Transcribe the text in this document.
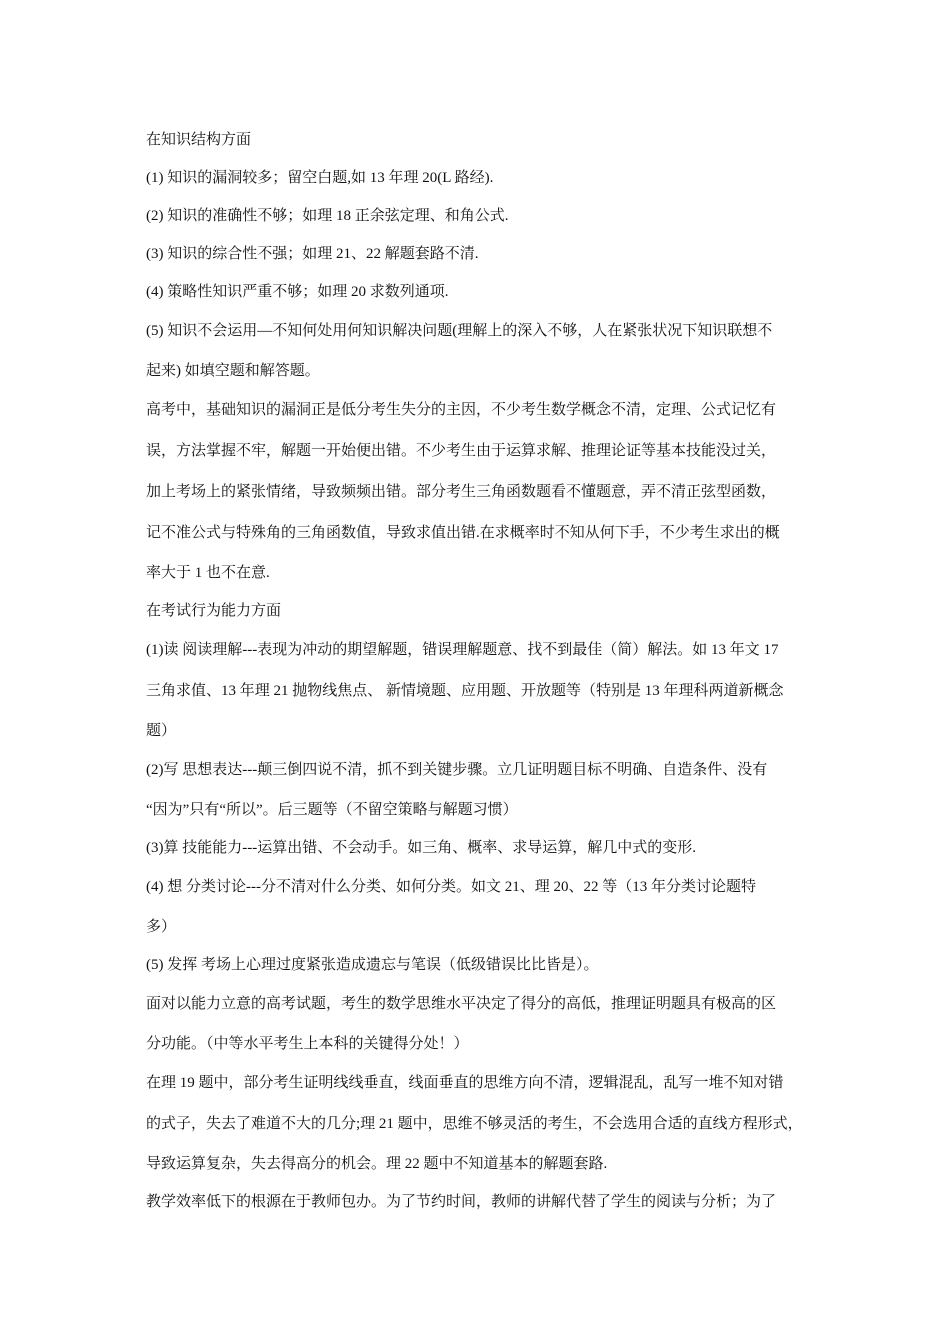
在知识结构方面
(1) 知识的漏洞较多；留空白题,如 13 年理 20(L 路经).
(2) 知识的准确性不够；如理 18 正余弦定理、和角公式.
(3) 知识的综合性不强；如理 21、22 解题套路不清.
(4) 策略性知识严重不够；如理 20 求数列通项.
(5) 知识不会运用—不知何处用何知识解决问题(理解上的深入不够，人在紧张状况下知识联想不
起来) 如填空题和解答题。
高考中，基础知识的漏洞正是低分考生失分的主因，不少考生数学概念不清，定理、公式记忆有
误，方法掌握不牢，解题一开始便出错。不少考生由于运算求解、推理论证等基本技能没过关，
加上考场上的紧张情绪，导致频频出错。部分考生三角函数题看不懂题意，弄不清正弦型函数，
记不准公式与特殊角的三角函数值，导致求值出错.在求概率时不知从何下手，不少考生求出的概
率大于 1 也不在意.
在考试行为能力方面
(1)读 阅读理解---表现为冲动的期望解题，错误理解题意、找不到最佳（简）解法。如 13 年文 17
三角求值、13 年理 21 抛物线焦点、 新情境题、应用题、开放题等（特别是 13 年理科两道新概念
题）
(2)写 思想表达---颠三倒四说不清，抓不到关键步骤。立几证明题目标不明确、自造条件、没有
“因为”只有“所以”。后三题等（不留空策略与解题习惯）
(3)算 技能能力---运算出错、不会动手。如三角、概率、求导运算，解几中式的变形.
(4) 想 分类讨论---分不清对什么分类、如何分类。如文 21、理 20、22 等（13 年分类讨论题特
多）
(5) 发挥 考场上心理过度紧张造成遗忘与笔误（低级错误比比皆是）。
面对以能力立意的高考试题，考生的数学思维水平决定了得分的高低，推理证明题具有极高的区
分功能。（中等水平考生上本科的关键得分处！）
在理 19 题中，部分考生证明线线垂直，线面垂直的思维方向不清，逻辑混乱，乱写一堆不知对错
的式子，失去了难道不大的几分;理 21 题中，思维不够灵活的考生，不会选用合适的直线方程形式，
导致运算复杂，失去得高分的机会。理 22 题中不知道基本的解题套路.
教学效率低下的根源在于教师包办。为了节约时间，教师的讲解代替了学生的阅读与分析；为了
